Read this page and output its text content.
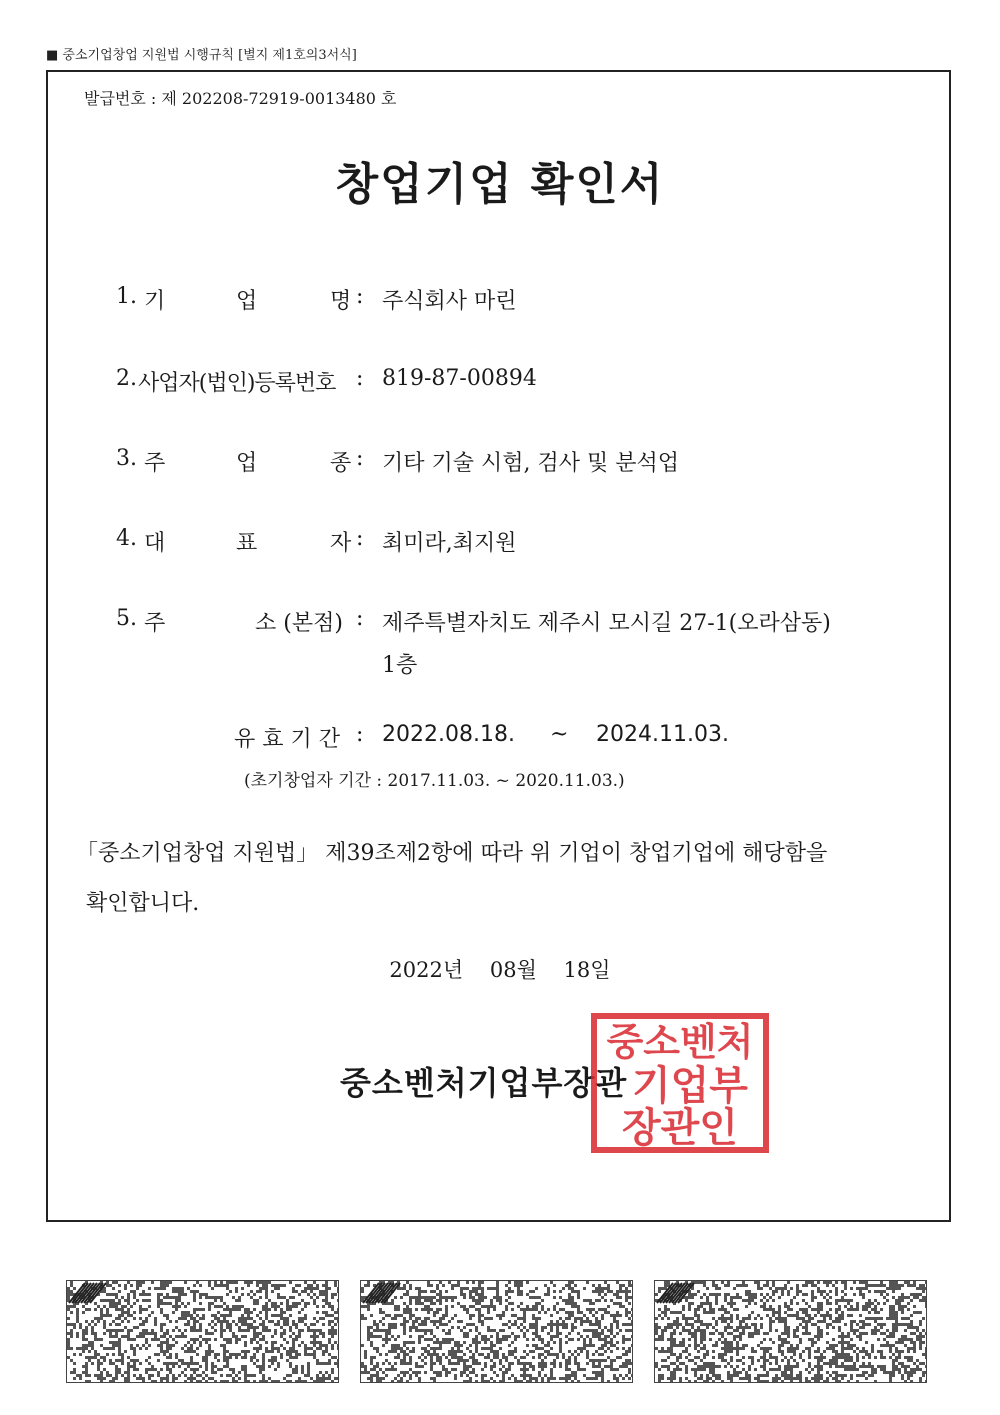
■ 중소기업창업 지원법 시행규칙 [별지 제1호의3서식]
발급번호 : 제 202208-72919-0013480 호
창업기업 확인서
1. 기	업	명 : 주식회사 마린
2. 사업자(법인)등록번호 : 819-87-00894
3. 주	업	종 : 기타 기술 시험, 검사 및 분석업
4. 대	표	자 : 최미라,최지원
5. 주	소 (본점) : 제주특별자치도 제주시 모시길 27-1(오라삼동)
1층
유 효 기 간 : 2022.08.18. ~ 2024.11.03.
(초기창업자 기간 : 2017.11.03. ~ 2020.11.03.)
「중소기업창업 지원법」 제39조제2항에 따라 위 기업이 창업기업에 해당함을
확인합니다.
2022년    08월    18일
중소벤처기업부장관
중소벤처
기업부
장관인
